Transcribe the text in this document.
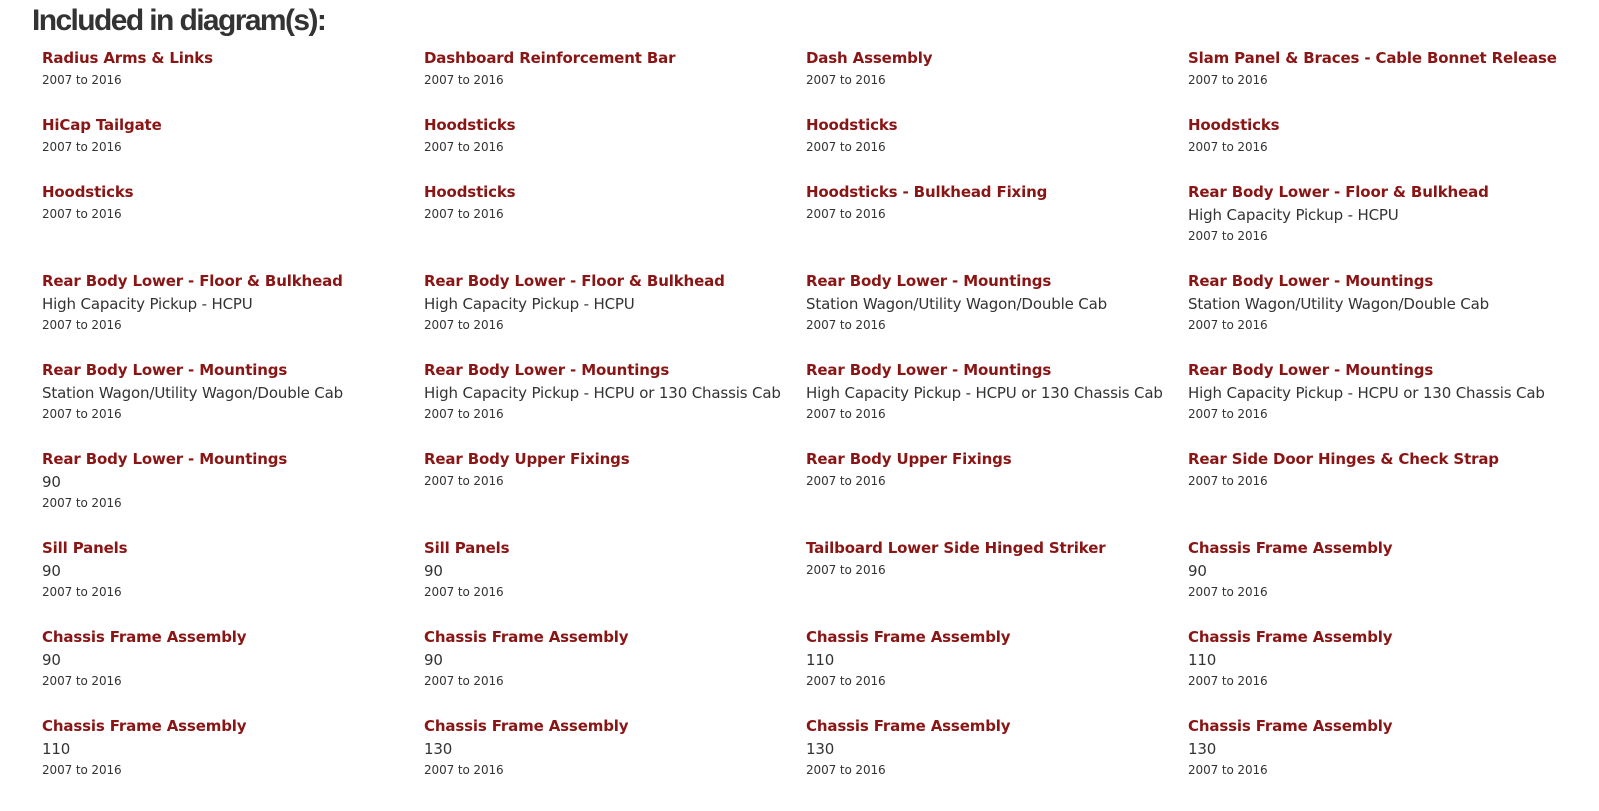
Included in diagram(s):
Radius Arms & Links
2007 to 2016
Dashboard Reinforcement Bar
2007 to 2016
Dash Assembly
2007 to 2016
Slam Panel & Braces - Cable Bonnet Release
2007 to 2016
HiCap Tailgate
2007 to 2016
Hoodsticks
2007 to 2016
Hoodsticks
2007 to 2016
Hoodsticks
2007 to 2016
Hoodsticks
2007 to 2016
Hoodsticks
2007 to 2016
Hoodsticks - Bulkhead Fixing
2007 to 2016
Rear Body Lower - Floor & Bulkhead
High Capacity Pickup - HCPU
2007 to 2016
Rear Body Lower - Floor & Bulkhead
High Capacity Pickup - HCPU
2007 to 2016
Rear Body Lower - Floor & Bulkhead
High Capacity Pickup - HCPU
2007 to 2016
Rear Body Lower - Mountings
Station Wagon/Utility Wagon/Double Cab
2007 to 2016
Rear Body Lower - Mountings
Station Wagon/Utility Wagon/Double Cab
2007 to 2016
Rear Body Lower - Mountings
Station Wagon/Utility Wagon/Double Cab
2007 to 2016
Rear Body Lower - Mountings
High Capacity Pickup - HCPU or 130 Chassis Cab
2007 to 2016
Rear Body Lower - Mountings
High Capacity Pickup - HCPU or 130 Chassis Cab
2007 to 2016
Rear Body Lower - Mountings
High Capacity Pickup - HCPU or 130 Chassis Cab
2007 to 2016
Rear Body Lower - Mountings
90
2007 to 2016
Rear Body Upper Fixings
2007 to 2016
Rear Body Upper Fixings
2007 to 2016
Rear Side Door Hinges & Check Strap
2007 to 2016
Sill Panels
90
2007 to 2016
Sill Panels
90
2007 to 2016
Tailboard Lower Side Hinged Striker
2007 to 2016
Chassis Frame Assembly
90
2007 to 2016
Chassis Frame Assembly
90
2007 to 2016
Chassis Frame Assembly
90
2007 to 2016
Chassis Frame Assembly
110
2007 to 2016
Chassis Frame Assembly
110
2007 to 2016
Chassis Frame Assembly
110
2007 to 2016
Chassis Frame Assembly
130
2007 to 2016
Chassis Frame Assembly
130
2007 to 2016
Chassis Frame Assembly
130
2007 to 2016
